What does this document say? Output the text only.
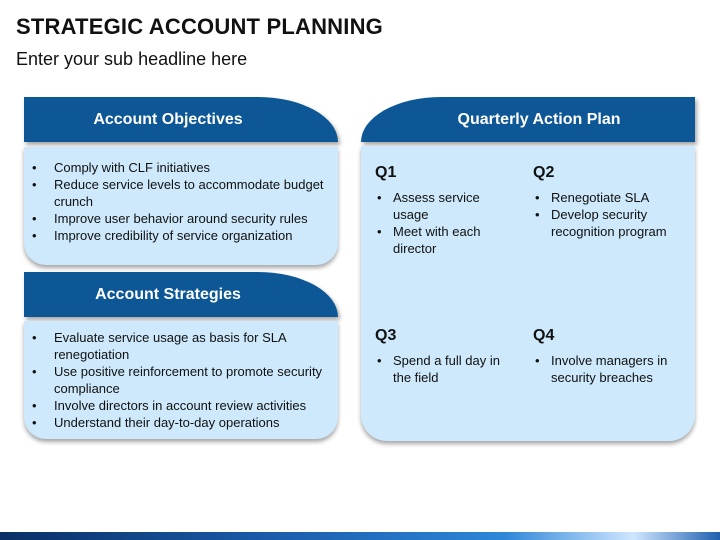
STRATEGIC ACCOUNT PLANNING
Enter your sub headline here
Account Objectives
• Comply with CLF initiatives
• Reduce service levels to accommodate budget crunch
• Improve user behavior around security rules
• Improve credibility of service organization
Account Strategies
• Evaluate service usage as basis for SLA renegotiation
• Use positive reinforcement to promote security compliance
• Involve directors in account review activities
• Understand their day-to-day operations
Quarterly Action Plan
Q1
• Assess service usage
• Meet with each director
Q2
• Renegotiate SLA
• Develop security recognition program
Q3
• Spend a full day in the field
Q4
• Involve managers in security breaches
